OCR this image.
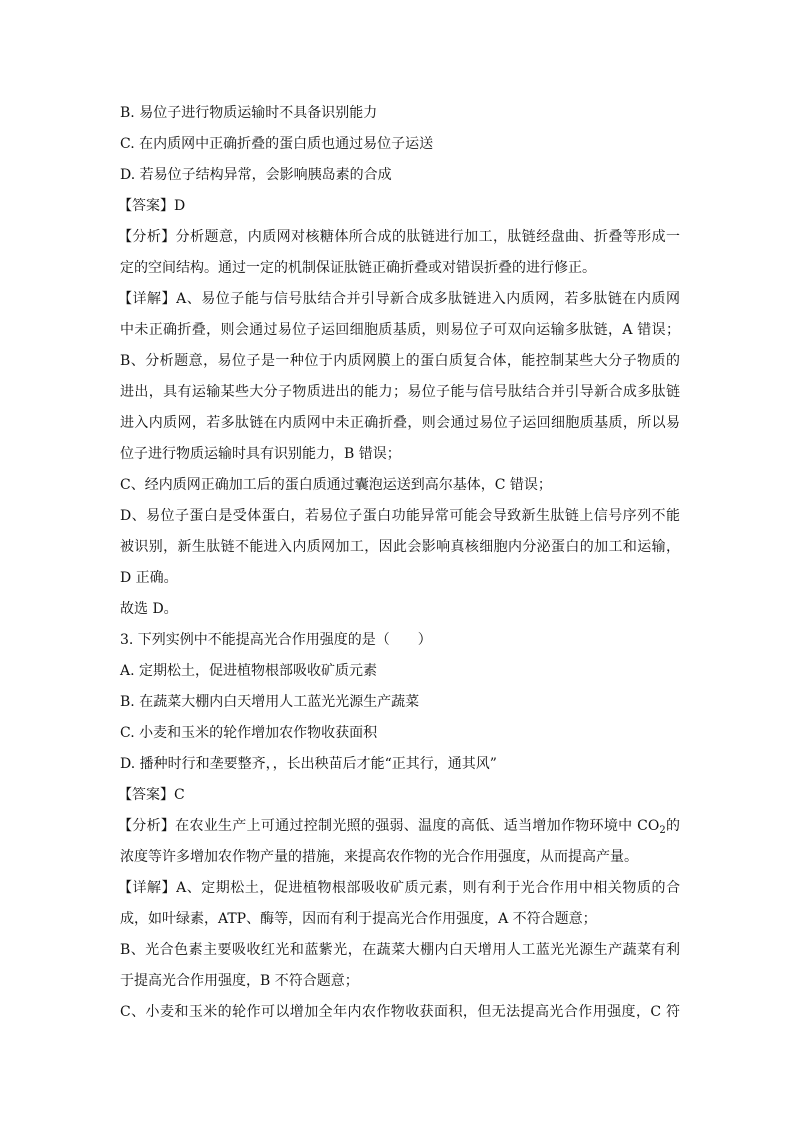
B. 易位子进行物质运输时不具备识别能力
C. 在内质网中正确折叠的蛋白质也通过易位子运送
D. 若易位子结构异常，会影响胰岛素的合成
【答案】D
【分析】分析题意，内质网对核糖体所合成的肽链进行加工，肽链经盘曲、折叠等形成一
定的空间结构。通过一定的机制保证肽链正确折叠或对错误折叠的进行修正。
【详解】A、易位子能与信号肽结合并引导新合成多肽链进入内质网，若多肽链在内质网
中未正确折叠，则会通过易位子运回细胞质基质，则易位子可双向运输多肽链，A 错误；
B、分析题意，易位子是一种位于内质网膜上的蛋白质复合体，能控制某些大分子物质的
进出，具有运输某些大分子物质进出的能力；易位子能与信号肽结合并引导新合成多肽链
进入内质网，若多肽链在内质网中未正确折叠，则会通过易位子运回细胞质基质，所以易
位子进行物质运输时具有识别能力，B 错误；
C、经内质网正确加工后的蛋白质通过囊泡运送到高尔基体，C 错误；
D、易位子蛋白是受体蛋白，若易位子蛋白功能异常可能会导致新生肽链上信号序列不能
被识别，新生肽链不能进入内质网加工，因此会影响真核细胞内分泌蛋白的加工和运输，
D 正确。
故选 D。
3. 下列实例中不能提高光合作用强度的是（　　）
A. 定期松土，促进植物根部吸收矿质元素
B. 在蔬菜大棚内白天增用人工蓝光光源生产蔬菜
C. 小麦和玉米的轮作增加农作物收获面积
D. 播种时行和垄要整齐，，长出秧苗后才能“正其行，通其风”
【答案】C
【分析】在农业生产上可通过控制光照的强弱、温度的高低、适当增加作物环境中 $CO_2$的
浓度等许多增加农作物产量的措施，来提高农作物的光合作用强度，从而提高产量。
【详解】A、定期松土，促进植物根部吸收矿质元素，则有利于光合作用中相关物质的合
成，如叶绿素，ATP、酶等，因而有利于提高光合作用强度，A 不符合题意；
B、光合色素主要吸收红光和蓝紫光，在蔬菜大棚内白天增用人工蓝光光源生产蔬菜有利
于提高光合作用强度，B 不符合题意；
C、小麦和玉米的轮作可以增加全年内农作物收获面积，但无法提高光合作用强度，C 符
